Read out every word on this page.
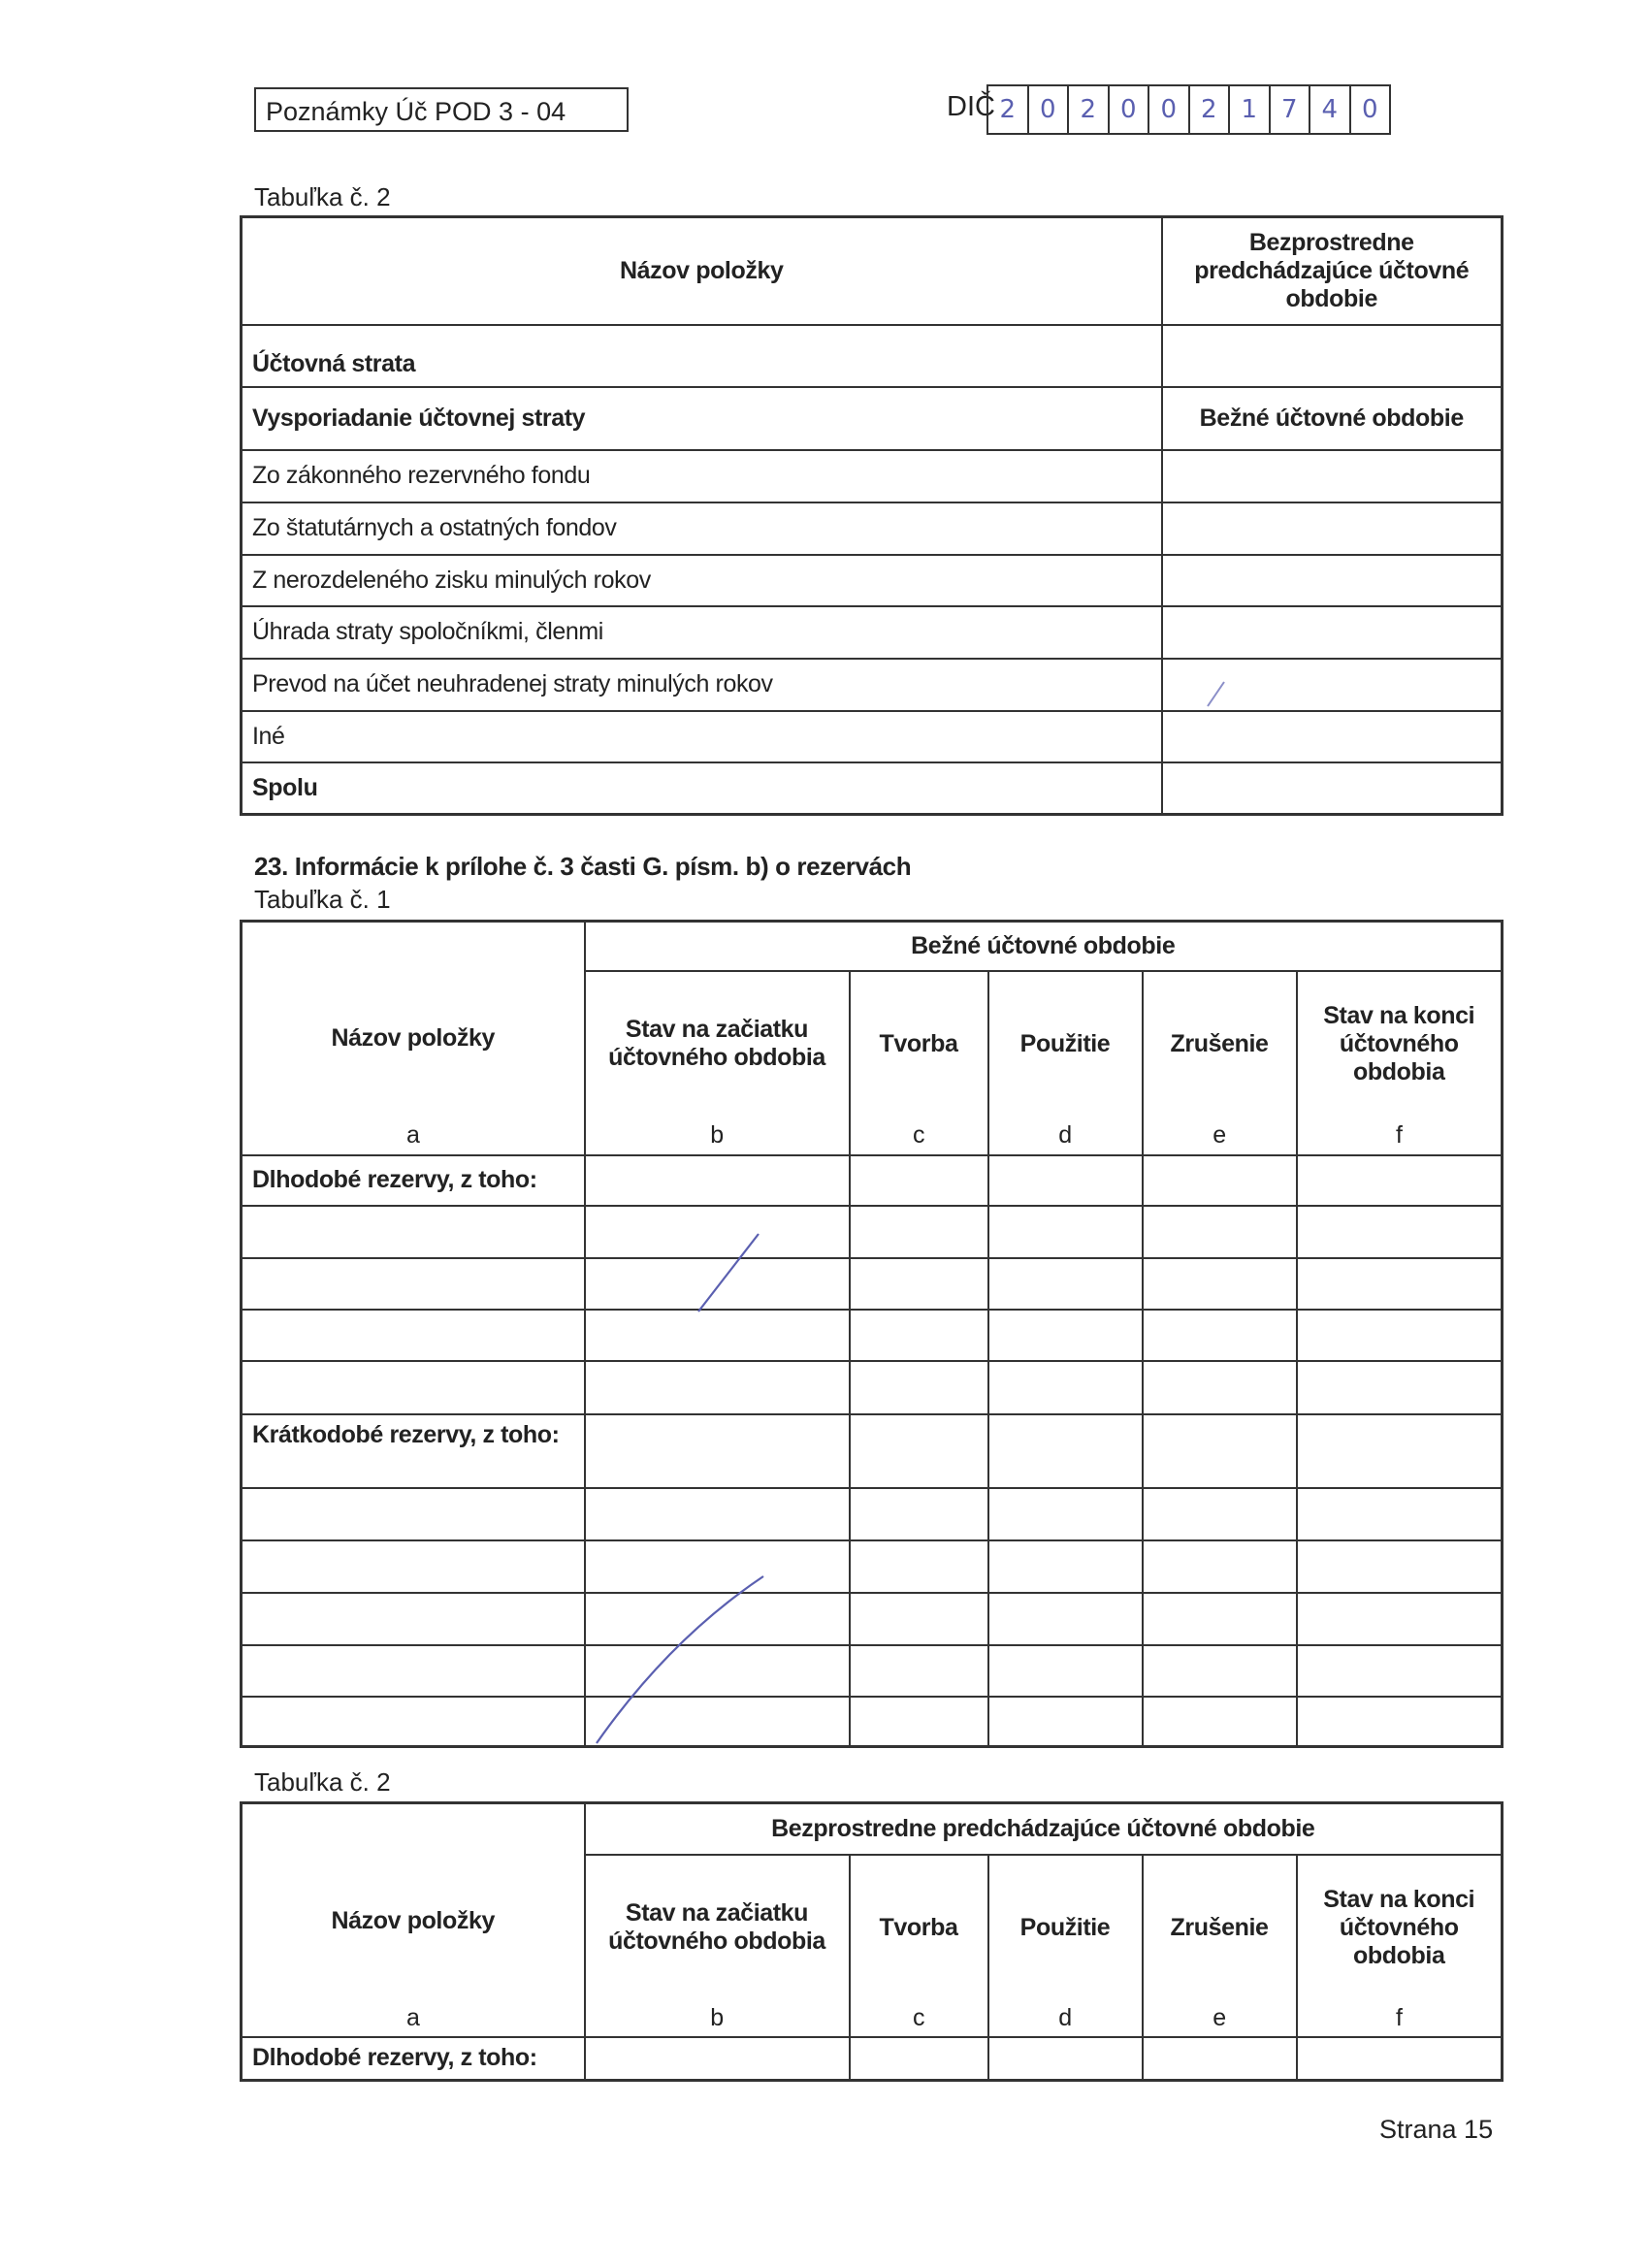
Poznámky Úč POD 3 - 04	DIČ 2 0 2 0 0 2 1 7 4 0
Tabuľka č. 2
Názov položky	Bezprostredne predchádzajúce účtovné obdobie
Účtovná strata	
Vysporiadanie účtovnej straty	Bežné účtovné obdobie
Zo zákonného rezervného fondu	
Zo štatutárnych a ostatných fondov	
Z nerozdeleného zisku minulých rokov	
Úhrada straty spoločníkmi, členmi	
Prevod na účet neuhradenej straty minulých rokov	
Iné	
Spolu	
23. Informácie k prílohe č. 3 časti G. písm. b) o rezervách
Tabuľka č. 1
Názov položky	Bežné účtovné obdobie				
	Stav na začiatku účtovného obdobia	Tvorba	Použitie	Zrušenie	Stav na konci účtovného obdobia
a	b	c	d	e	f
Dlhodobé rezervy, z toho:					

Krátkodobé rezervy, z toho:					

Tabuľka č. 2
Názov položky	Bezprostredne predchádzajúce účtovné obdobie				
	Stav na začiatku účtovného obdobia	Tvorba	Použitie	Zrušenie	Stav na konci účtovného obdobia
a	b	c	d	e	f
Dlhodobé rezervy, z toho:					
Strana 15
